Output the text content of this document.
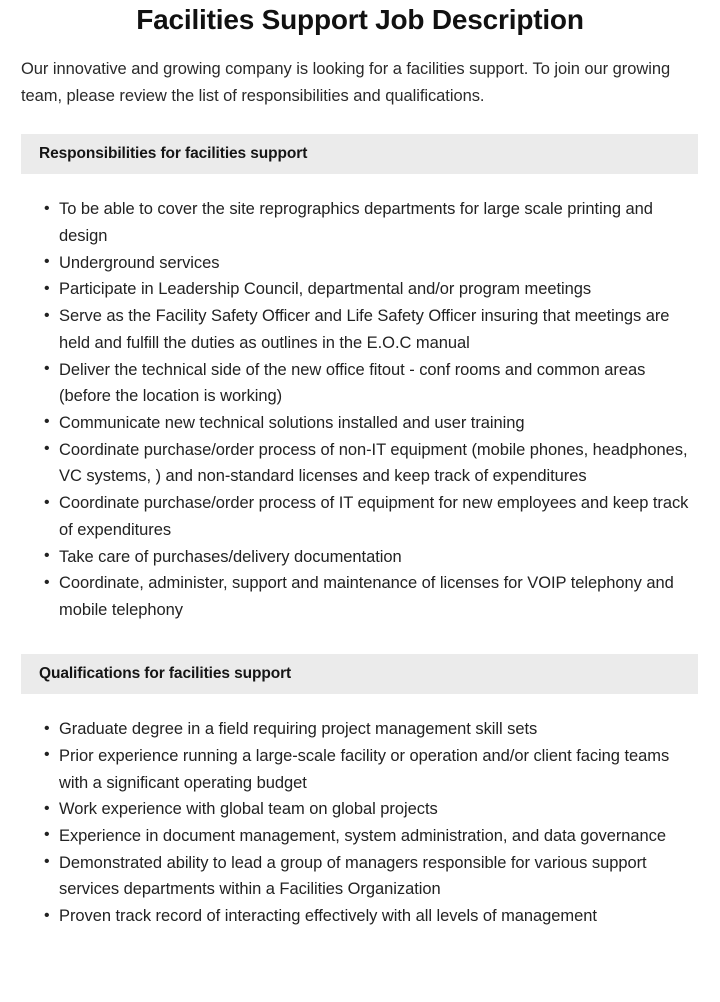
Facilities Support Job Description

Our innovative and growing company is looking for a facilities support. To join our growing team, please review the list of responsibilities and qualifications.

Responsibilities for facilities support
• To be able to cover the site reprographics departments for large scale printing and design
• Underground services
• Participate in Leadership Council, departmental and/or program meetings
• Serve as the Facility Safety Officer and Life Safety Officer insuring that meetings are held and fulfill the duties as outlines in the E.O.C manual
• Deliver the technical side of the new office fitout - conf rooms and common areas (before the location is working)
• Communicate new technical solutions installed and user training
• Coordinate purchase/order process of non-IT equipment (mobile phones, headphones, VC systems, ) and non-standard licenses and keep track of expenditures
• Coordinate purchase/order process of IT equipment for new employees and keep track of expenditures
• Take care of purchases/delivery documentation
• Coordinate, administer, support and maintenance of licenses for VOIP telephony and mobile telephony
Qualifications for facilities support
• Graduate degree in a field requiring project management skill sets
• Prior experience running a large-scale facility or operation and/or client facing teams with a significant operating budget
• Work experience with global team on global projects
• Experience in document management, system administration, and data governance
• Demonstrated ability to lead a group of managers responsible for various support services departments within a Facilities Organization
• Proven track record of interacting effectively with all levels of management
